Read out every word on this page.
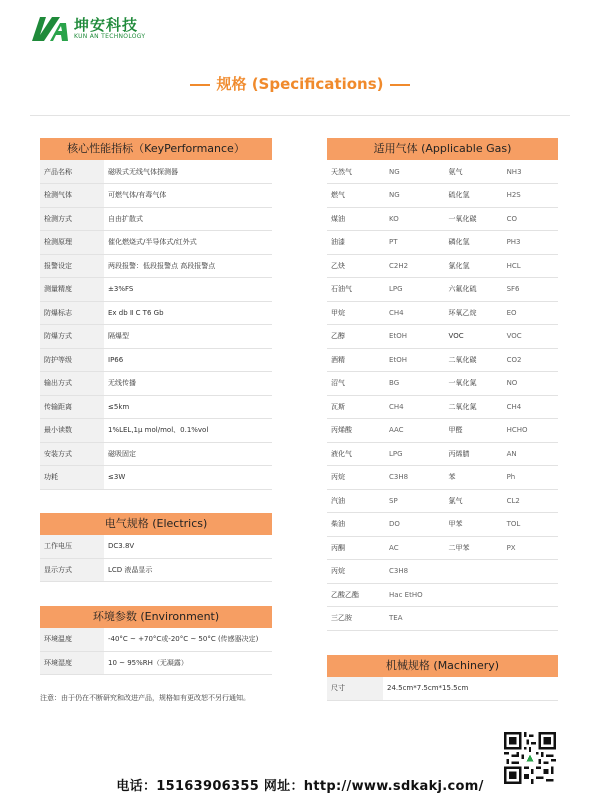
坤安科技
KUN AN TECHNOLOGY
规格 (Specifications)
核心性能指标（KeyPerformance）
产品名称	磁吸式无线气体探测器
检测气体	可燃气体/有毒气体
检测方式	自由扩散式
检测原理	催化燃烧式/半导体式/红外式
报警设定	两段报警：低段报警点 高段报警点
测量精度	±3%FS
防爆标志	Ex db Ⅱ C T6 Gb
防爆方式	隔爆型
防护等级	IP66
输出方式	无线传播
传输距离	≤5km
最小读数	1%LEL,1μ mol/mol、0.1%vol
安装方式	磁吸固定
功耗	≤3W
电气规格 (Electrics)
工作电压	DC3.8V
显示方式	LCD 液晶显示
环境参数 (Environment)
环境温度	-40°C ~ +70°C或-20°C ~ 50°C (传感器决定)
环境湿度	10 ~ 95%RH（无凝露）
适用气体 (Applicable Gas)
天然气	NG	氨气	NH3
燃气	NG	硫化氢	H2S
煤油	KO	一氧化碳	CO
油漆	PT	磷化氢	PH3
乙炔	C2H2	氯化氢	HCL
石油气	LPG	六氟化硫	SF6
甲烷	CH4	环氧乙烷	EO
乙醇	EtOH	VOC	VOC
酒精	EtOH	二氧化碳	CO2
沼气	BG	一氧化氮	NO
瓦斯	CH4	二氧化氮	CH4
丙烯酸	AAC	甲醛	HCHO
液化气	LPG	丙烯腈	AN
丙烷	C3H8	苯	Ph
汽油	SP	氯气	CL2
柴油	DO	甲苯	TOL
丙酮	AC	二甲苯	PX
丙烷	C3H8		
乙酸乙酯	Hac EtHO		
三乙胺	TEA		
机械规格 (Machinery)
尺寸	24.5cm*7.5cm*15.5cm
注意：由于仍在不断研究和改进产品，规格如有更改恕不另行通知。
电话：15163906355 网址：http://www.sdkakj.com/
